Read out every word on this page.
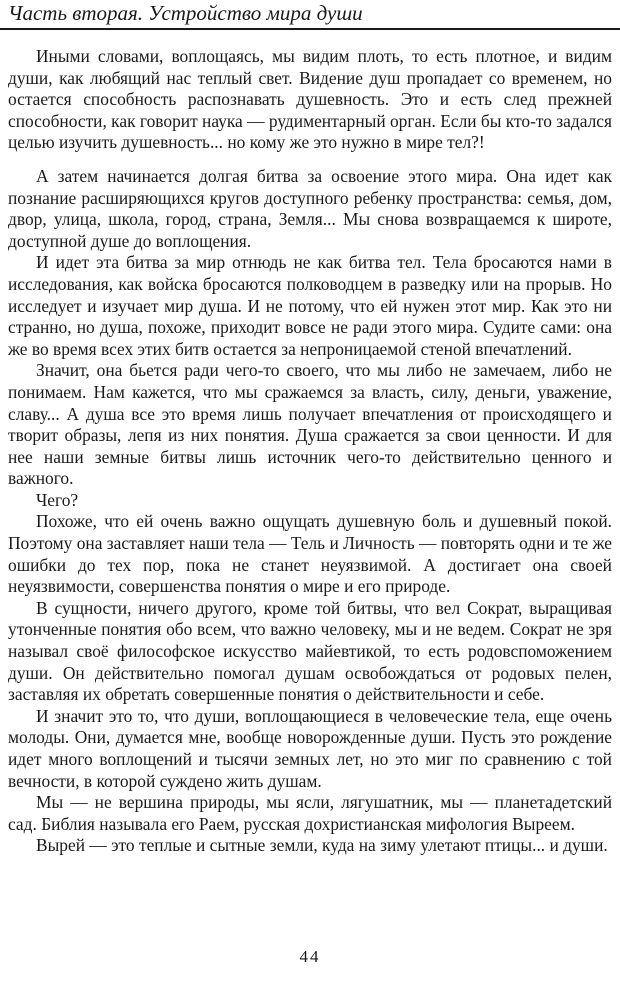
Часть вторая. Устройство мира души

Иными словами, воплощаясь, мы видим плоть, то есть плотное, и видим души, как любящий нас теплый свет. Видение душ пропадает со временем, но остается способность распознавать душевность. Это и есть след прежней способности, как говорит наука — рудиментарный орган. Если бы кто-то задался целью изучить душевность... но кому же это нужно в мире тел?!

А затем начинается долгая битва за освоение этого мира. Она идет как познание расширяющихся кругов доступного ребенку пространства: семья, дом, двор, улица, школа, город, страна, Земля... Мы снова возвращаемся к широте, доступной душе до воплощения.

И идет эта битва за мир отнюдь не как битва тел. Тела бросаются нами в исследования, как войска бросаются полководцем в разведку или на прорыв. Но исследует и изучает мир душа. И не потому, что ей нужен этот мир. Как это ни странно, но душа, похоже, приходит вовсе не ради этого мира. Судите сами: она же во время всех этих битв остается за непроницаемой стеной впечатлений.

Значит, она бьется ради чего-то своего, что мы либо не замечаем, либо не понимаем. Нам кажется, что мы сражаемся за власть, силу, деньги, уважение, славу... А душа все это время лишь получает впечатления от происходящего и творит образы, лепя из них понятия. Душа сражается за свои ценности. И для нее наши земные битвы лишь источник чего-то действительно ценного и важного.

Чего?

Похоже, что ей очень важно ощущать душевную боль и душевный покой. Поэтому она заставляет наши тела — Тель и Личность — повторять одни и те же ошибки до тех пор, пока не станет неуязвимой. А достигает она своей неуязвимости, совершенства понятия о мире и его природе.

В сущности, ничего другого, кроме той битвы, что вел Сократ, выращивая утонченные понятия обо всем, что важно человеку, мы и не ведем. Сократ не зря называл своё философское искусство майевтикой, то есть родовспоможением души. Он действительно помогал душам освобождаться от родовых пелен, заставляя их обретать совершенные понятия о действительности и себе.

И значит это то, что души, воплощающиеся в человеческие тела, еще очень молоды. Они, думается мне, вообще новорожденные души. Пусть это рождение идет много воплощений и тысячи земных лет, но это миг по сравнению с той вечности, в которой суждено жить душам.

Мы — не вершина природы, мы ясли, лягушатник, мы — планетадетский сад. Библия называла его Раем, русская дохристианская мифология Выреем.

Вырей — это теплые и сытные земли, куда на зиму улетают птицы... и души.

44
